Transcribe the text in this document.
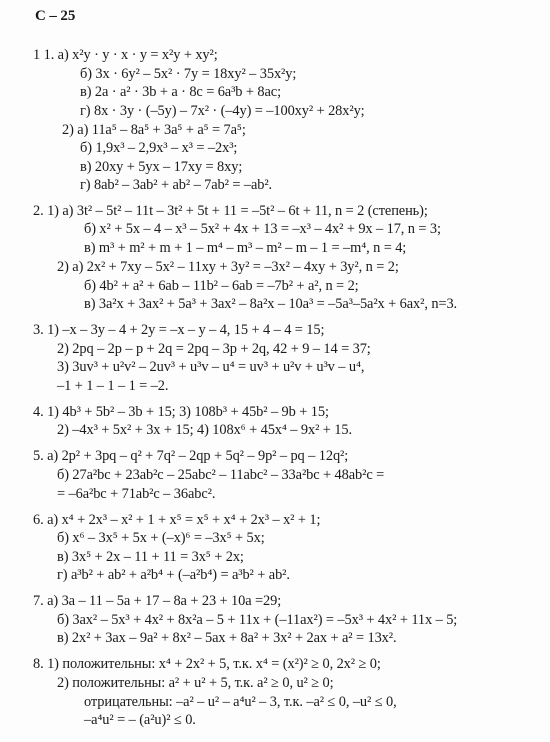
С – 25
1 1. а) x²y · y · x · y = x²y + xy²;
б) 3x · 6y² – 5x² · 7y = 18xy² – 35x²y;
в) 2a · a² · 3b + a · 8c = 6a³b + 8ac;
г) 8x · 3y · (–5y) – 7x² · (–4y) = –100xy² + 28x²y;
2) а) 11a⁵ – 8a⁵ + 3a⁵ + a⁵ = 7a⁵;
б) 1,9x³ – 2,9x³ – x³ = –2x³;
в) 20xy + 5yx – 17xy = 8xy;
г) 8ab² – 3ab² + ab² – 7ab² = –ab².
2. 1) а) 3t² – 5t² – 11t – 3t² + 5t + 11 = –5t² – 6t + 11, n = 2 (степень);
б) x² + 5x – 4 – x³ – 5x² + 4x + 13 = –x³ – 4x² + 9x – 17, n = 3;
в) m³ + m² + m + 1 – m⁴ – m³ – m² – m – 1 = –m⁴, n = 4;
2) а) 2x² + 7xy – 5x² – 11xy + 3y² = –3x² – 4xy + 3y², n = 2;
б) 4b² + a² + 6ab – 11b² – 6ab = –7b² + a², n = 2;
в) 3a²x + 3ax² + 5a³ + 3ax² – 8a²x – 10a³ = –5a³–5a²x + 6ax², n=3.
3. 1) –x – 3y – 4 + 2y = –x – y – 4, 15 + 4 – 4 = 15;
2) 2pq – 2p – p + 2q = 2pq – 3p + 2q, 42 + 9 – 14 = 37;
3) 3uv³ + u²v² – 2uv³ + u³v – u⁴ = uv³ + u²v + u³v – u⁴,
–1 + 1 – 1 – 1 = –2.
4. 1) 4b³ + 5b² – 3b + 15; 3) 108b³ + 45b² – 9b + 15;
2) –4x³ + 5x² + 3x + 15; 4) 108x⁶ + 45x⁴ – 9x² + 15.
5. а) 2p² + 3pq – q² + 7q² – 2qp + 5q² – 9p² – pq – 12q²;
б) 27a²bc + 23ab²c – 25abc² – 11abc² – 33a²bc + 48ab²c =
= –6a²bc + 71ab²c – 36abc².
6. а) x⁴ + 2x³ – x² + 1 + x⁵ = x⁵ + x⁴ + 2x³ – x² + 1;
б) x⁶ – 3x⁵ + 5x + (–x)⁶ = –3x⁵ + 5x;
в) 3x⁵ + 2x – 11 + 11 = 3x⁵ + 2x;
г) a³b² + ab² + a²b⁴ + (–a²b⁴) = a³b² + ab².
7. а) 3a – 11 – 5a + 17 – 8a + 23 + 10a =29;
б) 3ax² – 5x³ + 4x² + 8x²a – 5 + 11x + (–11ax²) = –5x³ + 4x² + 11x – 5;
в) 2x² + 3ax – 9a² + 8x² – 5ax + 8a² + 3x² + 2ax + a² = 13x².
8. 1) положительны: x⁴ + 2x² + 5, т.к. x⁴ = (x²)² ≥ 0, 2x² ≥ 0;
2) положительны: a² + u² + 5, т.к. a² ≥ 0, u² ≥ 0;
отрицательны: –a² – u² – a⁴u² – 3, т.к. –a² ≤ 0, –u² ≤ 0,
–a⁴u² = – (a²u)² ≤ 0.
